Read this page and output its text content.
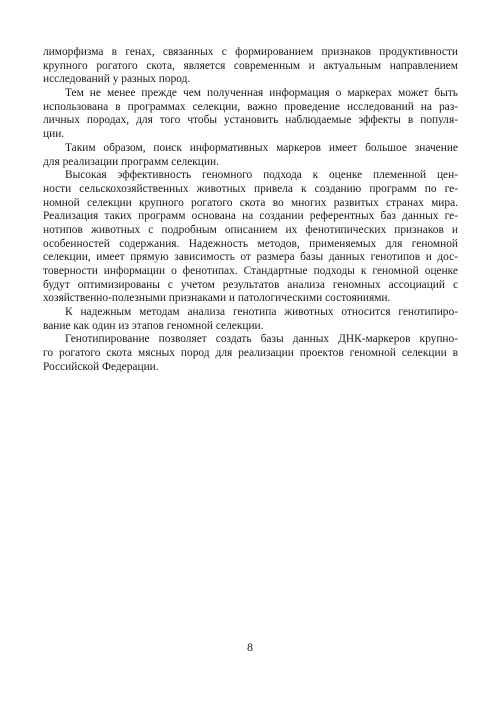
лиморфизма в генах, связанных с формированием признаков продуктивности
крупного рогатого скота, является современным и актуальным направлением
исследований у разных пород.
Тем не менее прежде чем полученная информация о маркерах может быть
использована в программах селекции, важно проведение исследований на раз-
личных породах, для того чтобы установить наблюдаемые эффекты в популя-
ции.
Таким образом, поиск информативных маркеров имеет большое значение
для реализации программ селекции.
Высокая эффективность геномного подхода к оценке племенной цен-
ности сельскохозяйственных животных привела к созданию программ по ге-
номной селекции крупного рогатого скота во многих развитых странах мира.
Реализация таких программ основана на создании референтных баз данных ге-
нотипов животных с подробным описанием их фенотипических признаков и
особенностей содержания. Надежность методов, применяемых для геномной
селекции, имеет прямую зависимость от размера базы данных генотипов и дос-
товерности информации о фенотипах. Стандартные подходы к геномной оценке
будут оптимизированы с учетом результатов анализа геномных ассоциаций с
хозяйственно-полезными признаками и патологическими состояниями.
К надежным методам анализа генотипа животных относится генотипиро-
вание как один из этапов геномной селекции.
Генотипирование позволяет создать базы данных ДНК-маркеров крупно-
го рогатого скота мясных пород для реализации проектов геномной селекции в
Российской Федерации.
8
